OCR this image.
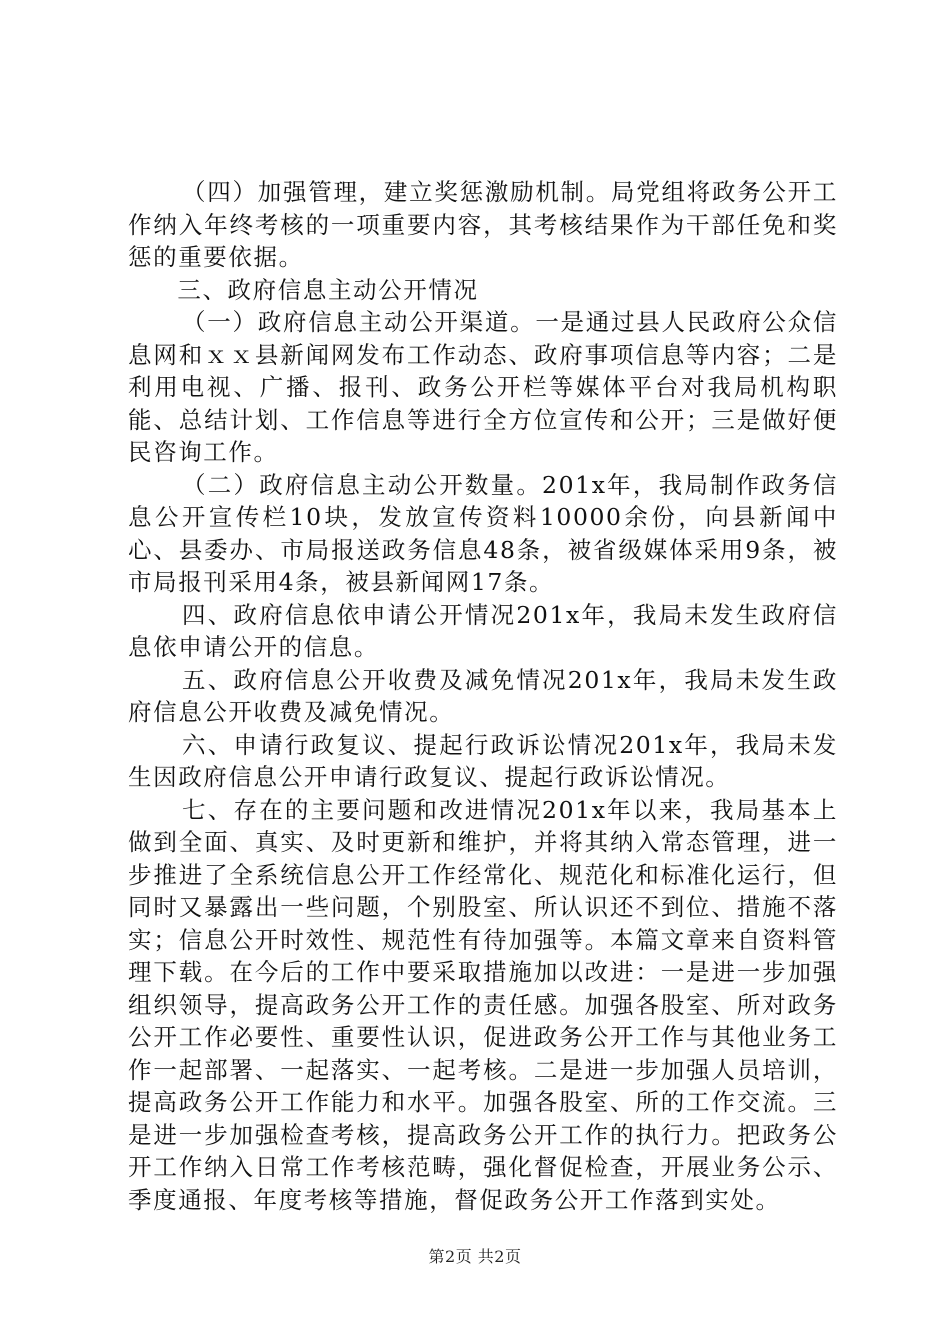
（四）加强管理，建立奖惩激励机制。局党组将政务公开工作纳入年终考核的一项重要内容，其考核结果作为干部任免和奖惩的重要依据。

三、政府信息主动公开情况

（一）政府信息主动公开渠道。一是通过县人民政府公众信息网和ｘｘ县新闻网发布工作动态、政府事项信息等内容；二是利用电视、广播、报刊、政务公开栏等媒体平台对我局机构职能、总结计划、工作信息等进行全方位宣传和公开；三是做好便民咨询工作。

（二）政府信息主动公开数量。201x年，我局制作政务信息公开宣传栏10块，发放宣传资料10000余份，向县新闻中心、县委办、市局报送政务信息48条，被省级媒体采用9条，被市局报刊采用4条，被县新闻网17条。

四、政府信息依申请公开情况201x年，我局未发生政府信息依申请公开的信息。

五、政府信息公开收费及减免情况201x年，我局未发生政府信息公开收费及减免情况。

六、申请行政复议、提起行政诉讼情况201x年，我局未发生因政府信息公开申请行政复议、提起行政诉讼情况。

七、存在的主要问题和改进情况201x年以来，我局基本上做到全面、真实、及时更新和维护，并将其纳入常态管理，进一步推进了全系统信息公开工作经常化、规范化和标准化运行，但同时又暴露出一些问题，个别股室、所认识还不到位、措施不落实；信息公开时效性、规范性有待加强等。本篇文章来自资料管理下载。在今后的工作中要采取措施加以改进：一是进一步加强组织领导，提高政务公开工作的责任感。加强各股室、所对政务公开工作必要性、重要性认识，促进政务公开工作与其他业务工作一起部署、一起落实、一起考核。二是进一步加强人员培训，提高政务公开工作能力和水平。加强各股室、所的工作交流。三是进一步加强检查考核，提高政务公开工作的执行力。把政务公开工作纳入日常工作考核范畴，强化督促检查，开展业务公示、季度通报、年度考核等措施，督促政务公开工作落到实处。

第2页 共2页
